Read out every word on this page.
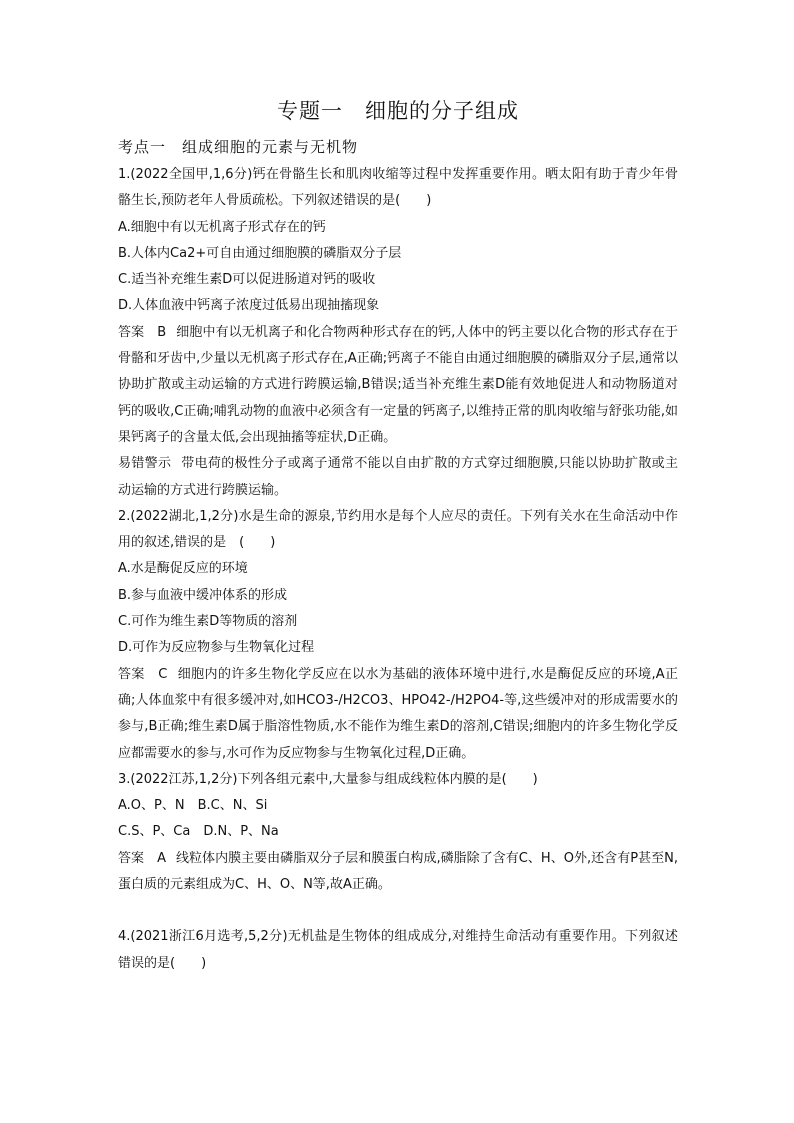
专题一　细胞的分子组成
考点一　组成细胞的元素与无机物

1.(2022全国甲,1,6分)钙在骨骼生长和肌肉收缩等过程中发挥重要作用。晒太阳有助于青少年骨骼生长,预防老年人骨质疏松。下列叙述错误的是(　　)

A.细胞中有以无机离子形式存在的钙

B.人体内Ca2+可自由通过细胞膜的磷脂双分子层

C.适当补充维生素D可以促进肠道对钙的吸收

D.人体血液中钙离子浓度过低易出现抽搐现象

答案　B 细胞中有以无机离子和化合物两种形式存在的钙,人体中的钙主要以化合物的形式存在于骨骼和牙齿中,少量以无机离子形式存在,A正确;钙离子不能自由通过细胞膜的磷脂双分子层,通常以协助扩散或主动运输的方式进行跨膜运输,B错误;适当补充维生素D能有效地促进人和动物肠道对钙的吸收,C正确;哺乳动物的血液中必须含有一定量的钙离子,以维持正常的肌肉收缩与舒张功能,如果钙离子的含量太低,会出现抽搐等症状,D正确。

易错警示 带电荷的极性分子或离子通常不能以自由扩散的方式穿过细胞膜,只能以协助扩散或主动运输的方式进行跨膜运输。

2.(2022湖北,1,2分)水是生命的源泉,节约用水是每个人应尽的责任。下列有关水在生命活动中作用的叙述,错误的是　(　　)

A.水是酶促反应的环境

B.参与血液中缓冲体系的形成

C.可作为维生素D等物质的溶剂

D.可作为反应物参与生物氧化过程

答案　C 细胞内的许多生物化学反应在以水为基础的液体环境中进行,水是酶促反应的环境,A正确;人体血浆中有很多缓冲对,如HCO3-/H2CO3、HPO42-/H2PO4-等,这些缓冲对的形成需要水的参与,B正确;维生素D属于脂溶性物质,水不能作为维生素D的溶剂,C错误;细胞内的许多生物化学反应都需要水的参与,水可作为反应物参与生物氧化过程,D正确。

3.(2022江苏,1,2分)下列各组元素中,大量参与组成线粒体内膜的是(　　)

A.O、P、N　B.C、N、Si

C.S、P、Ca　D.N、P、Na

答案　A 线粒体内膜主要由磷脂双分子层和膜蛋白构成,磷脂除了含有C、H、O外,还含有P甚至N,蛋白质的元素组成为C、H、O、N等,故A正确。

4.(2021浙江6月选考,5,2分)无机盐是生物体的组成成分,对维持生命活动有重要作用。下列叙述错误的是(　　)
